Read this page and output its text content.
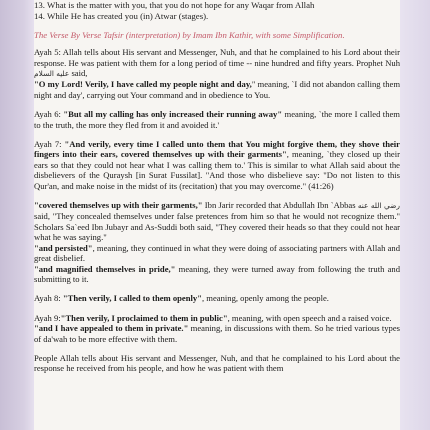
13. What is the matter with you, that you do not hope for any Waqar from Allah

14. While He has created you (in) Atwar (stages).

The Verse By Verse Tafsir (interpretation) by Imam Ibn Kathir, with some Simplification.

Ayah 5: Allah tells about His servant and Messenger, Nuh, and that he complained to his Lord about their response. He was patient with them for a long period of time -- nine hundred and fifty years. Prophet Nuh عليه السلام said,
"O my Lord! Verily, I have called my people night and day," meaning, `I did not abandon calling them night and day', carrying out Your command and in obedience to You.

Ayah 6: "But all my calling has only increased their running away" meaning, `the more I called them to the truth, the more they fled from it and avoided it.'

Ayah 7: "And verily, every time I called unto them that You might forgive them, they shove their fingers into their ears, covered themselves up with their garments", meaning, `they closed up their ears so that they could not hear what I was calling them to.' This is similar to what Allah said about the disbelievers of the Quraysh [in Surat Fussilat]. "And those who disbelieve say: "Do not listen to this Qur'an, and make noise in the midst of its (recitation) that you may overcome." (41:26)

"covered themselves up with their garments," Ibn Jarir recorded that Abdullah Ibn `Abbas رضي الله عنه said, "They concealed themselves under false pretences from him so that he would not recognize them." Scholars Sa`eed Ibn Jubayr and As-Suddi both said, "They covered their heads so that they could not hear what he was saying."
"and persisted", meaning, they continued in what they were doing of associating partners with Allah and great disbelief.
"and magnified themselves in pride," meaning, they were turned away from following the truth and submitting to it.

Ayah 8: "Then verily, I called to them openly", meaning, openly among the people.

Ayah 9:"Then verily, I proclaimed to them in public", meaning, with open speech and a raised voice.
"and I have appealed to them in private." meaning, in discussions with them. So he tried various types of da'wah to be more effective with them.

People Allah tells about His servant and Messenger, Nuh, and that he complained to his Lord about the response he received from his people, and how he was patient with them
